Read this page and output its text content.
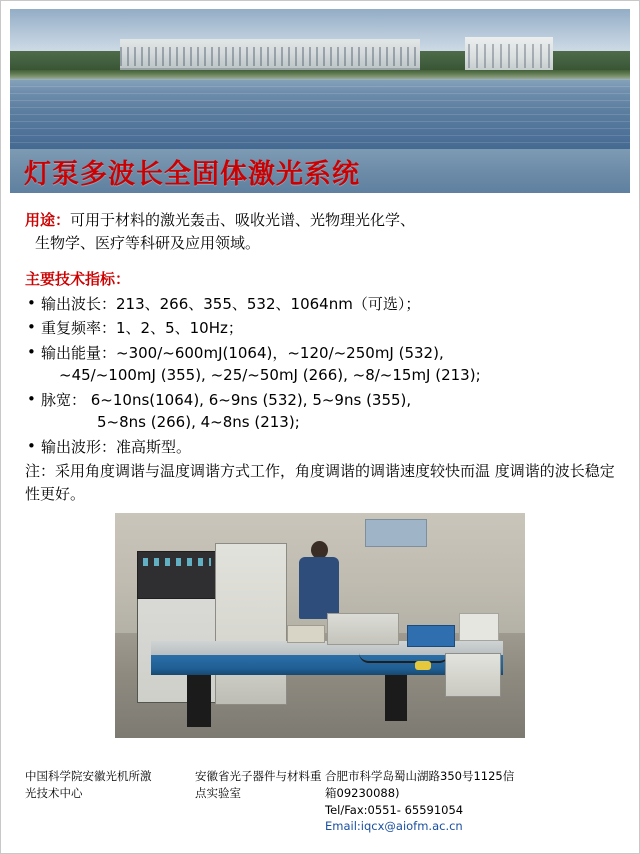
灯泵多波长全固体激光系统
用途：可用于材料的激光轰击、吸收光谱、光物理光化学、
生物学、医疗等科研及应用领域。
主要技术指标：
• 输出波长：213、266、355、532、1064nm（可选）；
• 重复频率：1、2、5、10Hz；
• 输出能量：~300/~600mJ(1064)，~120/~250mJ (532),
~45/~100mJ (355), ~25/~50mJ (266), ~8/~15mJ (213);
• 脉宽： 6~10ns(1064), 6~9ns (532), 5~9ns (355),
5~8ns (266), 4~8ns (213);
• 输出波形：准高斯型。
注：采用角度调谐与温度调谐方式工作，角度调谐的调谐速度较快而温 度调谐的波长稳定性更好。
中国科学院安徽光机所激
光技术中心
安徽省光子器件与材料重
点实验室
合肥市科学岛蜀山湖路350号1125信
箱09230088)
Tel/Fax:0551- 65591054
Email:iqcx@aiofm.ac.cn
